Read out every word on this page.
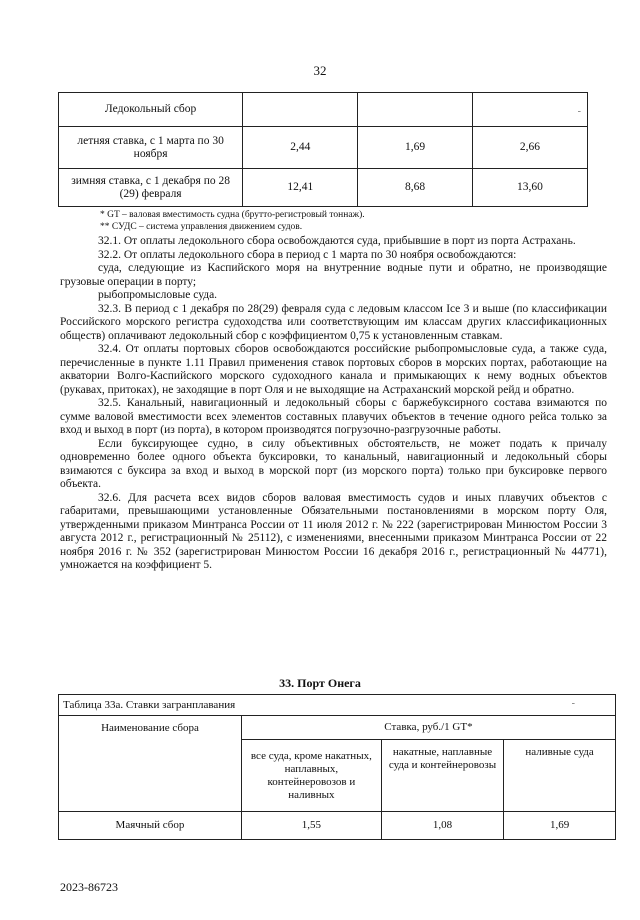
32
Ледокольный сбор			-

летняя ставка, с 1 марта по 30 ноября	2,44	1,69	2,66
зимняя ставка, с 1 декабря по 28 (29) февраля	12,41	8,68	13,60
* GT – валовая вместимость судна (брутто-регистровый тоннаж).
** СУДС – система управления движением судов.

32.1. От оплаты ледокольного сбора освобождаются суда, прибывшие в порт из порта Астрахань.

32.2. От оплаты ледокольного сбора в период с 1 марта по 30 ноября освобождаются:

суда, следующие из Каспийского моря на внутренние водные пути и обратно, не производящие грузовые операции в порту;

рыбопромысловые суда.

32.3. В период с 1 декабря по 28(29) февраля суда с ледовым классом Ice 3 и выше (по классификации Российского морского регистра судоходства или соответствующим им классам других классификационных обществ) оплачивают ледокольный сбор с коэффициентом 0,75 к установленным ставкам.

32.4. От оплаты портовых сборов освобождаются российские рыбопромысловые суда, а также суда, перечисленные в пункте 1.11 Правил применения ставок портовых сборов в морских портах, работающие на акватории Волго-Каспийского морского судоходного канала и примыкающих к нему водных объектов (рукавах, притоках), не заходящие в порт Оля и не выходящие на Астраханский морской рейд и обратно.

32.5. Канальный, навигационный и ледокольный сборы с баржебуксирного состава взимаются по сумме валовой вместимости всех элементов составных плавучих объектов в течение одного рейса только за вход и выход в порт (из порта), в котором производятся погрузочно-разгрузочные работы.

Если буксирующее судно, в силу объективных обстоятельств, не может подать к причалу одновременно более одного объекта буксировки, то канальный, навигационный и ледокольный сборы взимаются с буксира за вход и выход в морской порт (из морского порта) только при буксировке первого объекта.

32.6. Для расчета всех видов сборов валовая вместимость судов и иных плавучих объектов с габаритами, превышающими установленные Обязательными постановлениями в морском порту Оля, утвержденными приказом Минтранса России от 11 июля 2012 г. № 222 (зарегистрирован Минюстом России 3 августа 2012 г., регистрационный № 25112), с изменениями, внесенными приказом Минтранса России от 22 ноября 2016 г. № 352 (зарегистрирован Минюстом России 16 декабря 2016 г., регистрационный № 44771), умножается на коэффициент 5.

33. Порт Онега
Таблица 33а. Ставки загранплавания -			

Наименование сбора	Ставка, руб./1 GT*		
	все суда, кроме накатных, наплавных, контейнеровозов и наливных	накатные, наплавные суда и контейнеровозы	наливные суда
Маячный сбор	1,55	1,08	1,69
2023-86723
